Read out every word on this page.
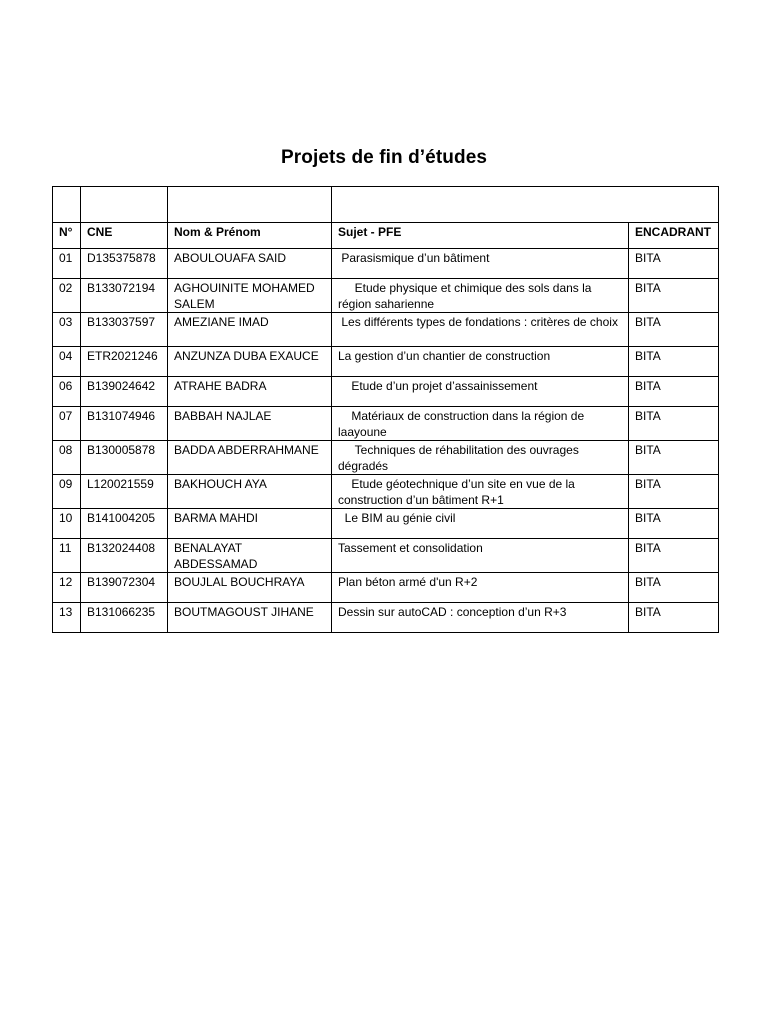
Projets de fin d’études

N°	CNE	Nom & Prénom	Sujet - PFE	ENCADRANT
01	D135375878	ABOULOUAFA SAID	Parasismique d’un bâtiment	BITA
02	B133072194	AGHOUINITE MOHAMED SALEM	Etude physique et chimique des sols dans la région saharienne	BITA
03	B133037597	AMEZIANE IMAD	Les différents types de fondations : critères de choix	BITA
04	ETR2021246	ANZUNZA DUBA EXAUCE	La gestion d’un chantier de construction	BITA
06	B139024642	ATRAHE BADRA	Etude d’un projet d’assainissement	BITA
07	B131074946	BABBAH NAJLAE	Matériaux de construction dans la région de laayoune	BITA
08	B130005878	BADDA ABDERRAHMANE	Techniques de réhabilitation des ouvrages dégradés	BITA
09	L120021559	BAKHOUCH AYA	Etude géotechnique d’un site en vue de la construction d’un bâtiment R+1	BITA
10	B141004205	BARMA MAHDI	Le BIM au génie civil	BITA
11	B132024408	BENALAYAT ABDESSAMAD	Tassement et consolidation	BITA
12	B139072304	BOUJLAL BOUCHRAYA	Plan béton armé d'un R+2	BITA
13	B131066235	BOUTMAGOUST JIHANE	Dessin sur autoCAD : conception d’un R+3	BITA
